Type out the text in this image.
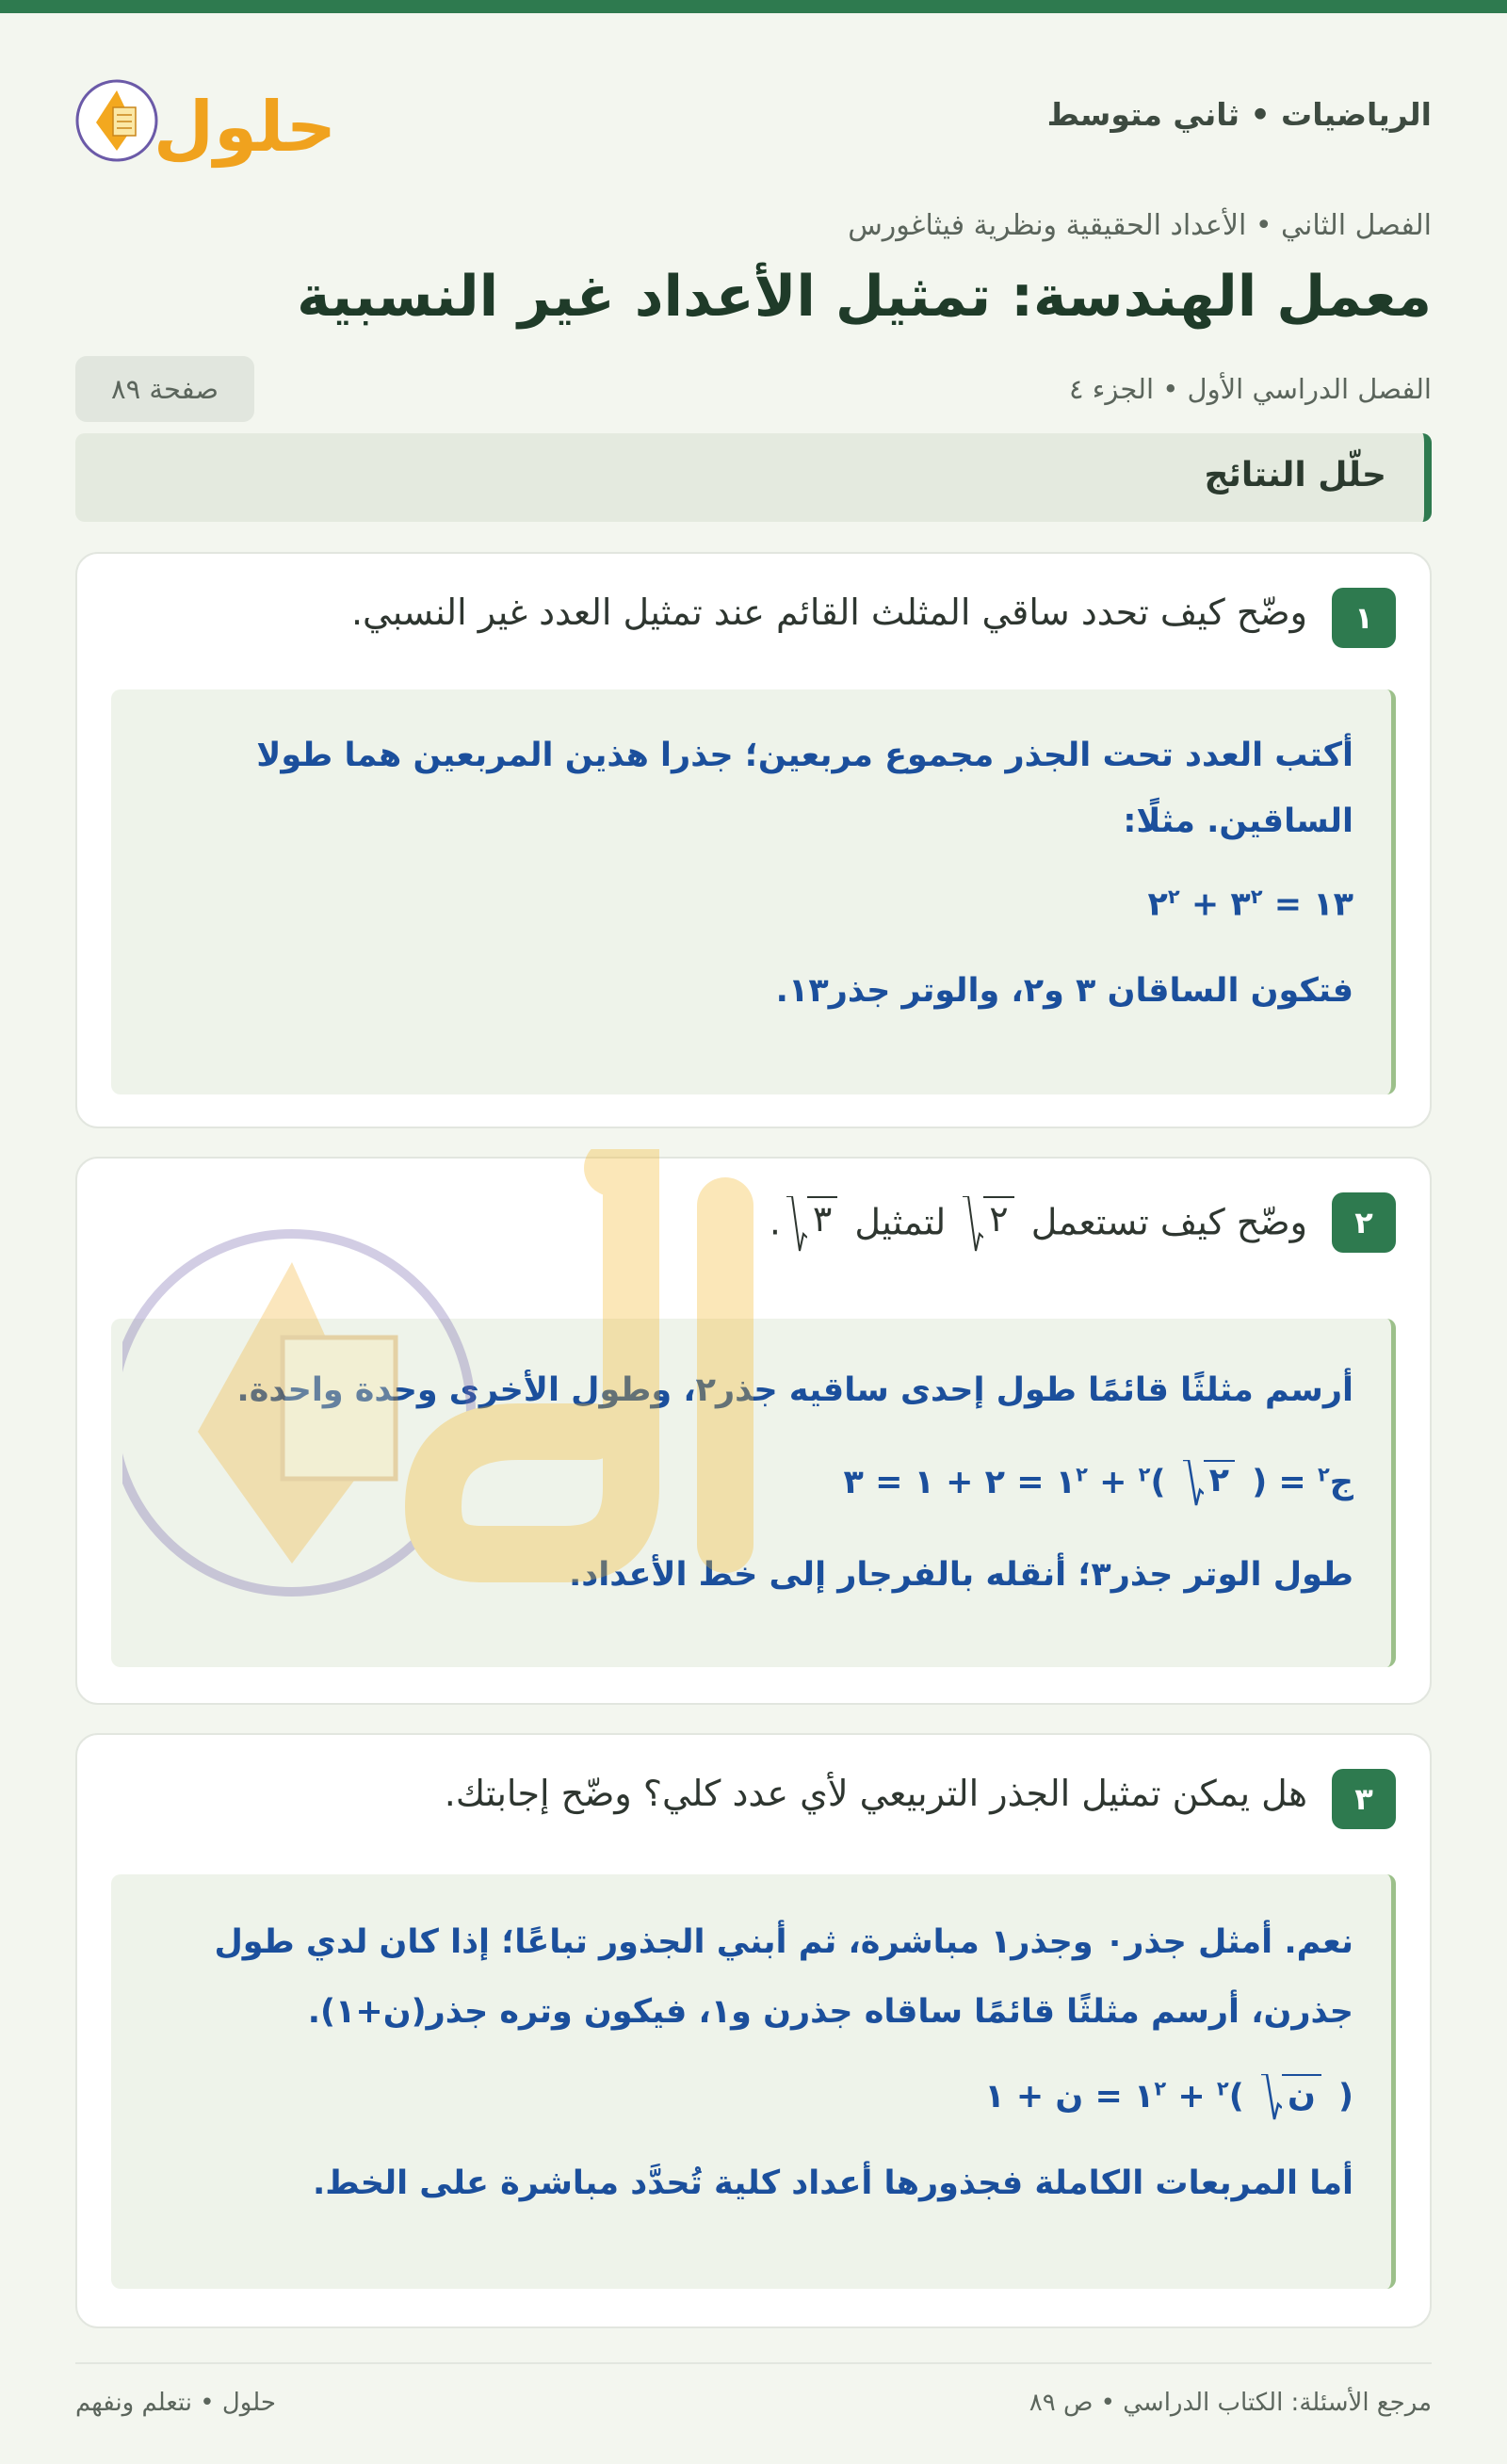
الرياضيات • ثاني متوسط
حلول
الفصل الثاني • الأعداد الحقيقية ونظرية فيثاغورس
معمل الهندسة: تمثيل الأعداد غير النسبية
الفصل الدراسي الأول • الجزء ٤
صفحة ٨٩
حلّل النتائج
١
وضّح كيف تحدد ساقي المثلث القائم عند تمثيل العدد غير النسبي.
أكتب العدد تحت الجذر مجموع مربعين؛ جذرا هذين المربعين هما طولا
الساقين. مثلًا:
١٣ = $٣^٢$ + $٢^٢$
فتكون الساقان ٣ و٢، والوتر جذر١٣.
٢
وضّح كيف تستعمل
٢
لتمثيل
٣
.
أرسم مثلثًا قائمًا طول إحدى ساقيه جذر٢، وطول الأخرى وحدة واحدة.
ج$^٢$ = (
٢
)$^٢ + ١^٢$ = ٢ + ١ = ٣
طول الوتر جذر٣؛ أنقله بالفرجار إلى خط الأعداد.
٣
هل يمكن تمثيل الجذر التربيعي لأي عدد كلي؟ وضّح إجابتك.
نعم. أمثل جذر٠ وجذر١ مباشرة، ثم أبني الجذور تباعًا؛ إذا كان لدي طول
جذرن، أرسم مثلثًا قائمًا ساقاه جذرن و١، فيكون وتره جذر(ن+١).
(
ن
)$^٢ + ١^٢$ = ن + ١
أما المربعات الكاملة فجذورها أعداد كلية تُحدَّد مباشرة على الخط.
مرجع الأسئلة: الكتاب الدراسي • ص ٨٩
حلول • نتعلم ونفهم
